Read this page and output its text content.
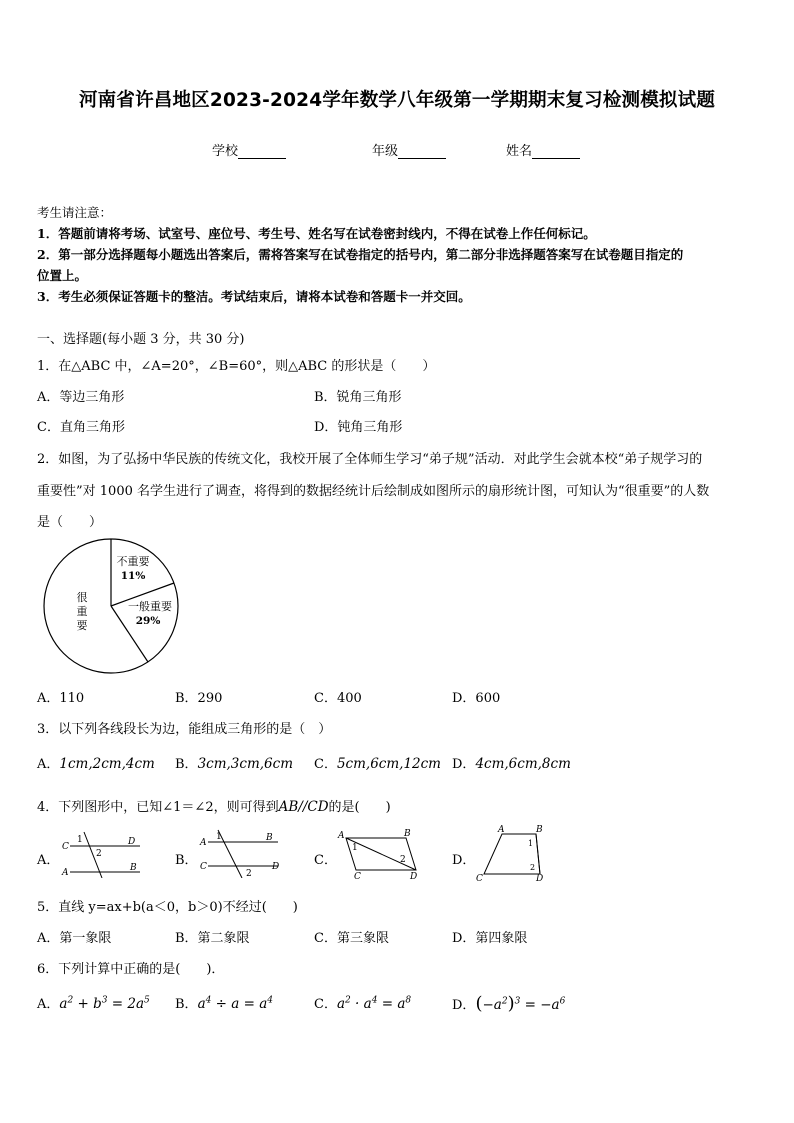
河南省许昌地区2023-2024学年数学八年级第一学期期末复习检测模拟试题
学校	年级	姓名
考生请注意：
1．答题前请将考场、试室号、座位号、考生号、姓名写在试卷密封线内，不得在试卷上作任何标记。
2．第一部分选择题每小题选出答案后，需将答案写在试卷指定的括号内，第二部分非选择题答案写在试卷题目指定的
位置上。
3．考生必须保证答题卡的整洁。考试结束后，请将本试卷和答题卡一并交回。
一、选择题(每小题 3 分，共 30 分)
1．在△ABC 中，∠A=20°，∠B=60°，则△ABC 的形状是（　　）
A．等边三角形	B．锐角三角形
C．直角三角形	D．钝角三角形
2．如图，为了弘扬中华民族的传统文化，我校开展了全体师生学习“弟子规”活动．对此学生会就本校“弟子规学习的
重要性”对 1000 名学生进行了调查，将得到的数据经统计后绘制成如图所示的扇形统计图，可知认为“很重要”的人数
是（　　）
不重要
11%
一般重要
29%
很
重
要
A．110	B．290	C．400	D．600
3．以下列各线段长为边，能组成三角形的是（　）
A．1cm,2cm,4cm B．3cm,3cm,6cm C．5cm,6cm,12cm D．4cm,6cm,8cm
4．下列图形中，已知∠1＝∠2，则可得到AB//CD的是(　　)
A．
C	D
A	B
1
2	B．
A	B
C	D
1
2
C．
A	B
C	D
1
2	D．
A	B
C	D
1
2
5．直线 y=ax+b(a＜0，b＞0)不经过(　　)
A．第一象限	B．第二象限	C．第三象限	D．第四象限
6．下列计算中正确的是(　　)．
A．$a^2 + b^3 = 2a^5$ B．$a^4 \div a = a^4$	C．$a^2 \cdot a^4 = a^8$	D．$(-a^2)^3 = -a^6$
